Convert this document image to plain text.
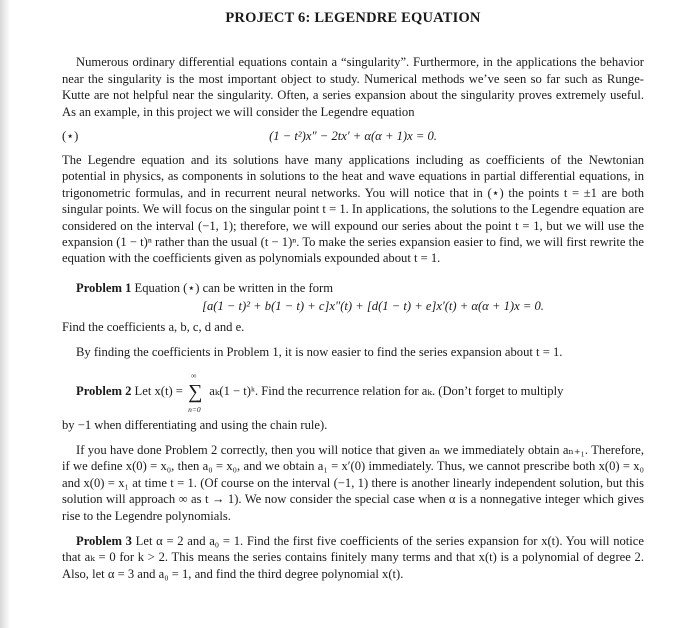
PROJECT 6: LEGENDRE EQUATION

Numerous ordinary differential equations contain a “singularity”. Furthermore, in the applications the behavior near the singularity is the most important object to study. Numerical methods we’ve seen so far such as Runge-Kutte are not helpful near the singularity. Often, a series expansion about the singularity proves extremely useful. As an example, in this project we will consider the Legendre equation

(⋆)	(1 − t²)x″ − 2tx′ + α(α + 1)x = 0.

The Legendre equation and its solutions have many applications including as coefficients of the Newtonian potential in physics, as components in solutions to the heat and wave equations in partial differential equations, in trigonometric formulas, and in recurrent neural networks. You will notice that in (⋆) the points t = ±1 are both singular points. We will focus on the singular point t = 1. In applications, the solutions to the Legendre equation are considered on the interval (−1, 1); therefore, we will expound our series about the point t = 1, but we will use the expansion (1 − t)ⁿ rather than the usual (t − 1)ⁿ. To make the series expansion easier to find, we will first rewrite the equation with the coefficients given as polynomials expounded about t = 1.

Problem 1 Equation (⋆) can be written in the form

[a(1 − t)² + b(1 − t) + c]x″(t) + [d(1 − t) + e]x′(t) + α(α + 1)x = 0.

Find the coefficients a, b, c, d and e.

By finding the coefficients in Problem 1, it is now easier to find the series expansion about t = 1.

Problem 2 Let x(t) = ∑
∞
n=0
aₖ(1 − t)ᵏ. Find the recurrence relation for aₖ. (Don’t forget to multiply

by −1 when differentiating and using the chain rule).

If you have done Problem 2 correctly, then you will notice that given aₙ we immediately obtain aₙ₊₁. Therefore, if we define x(0) = x₀, then a₀ = x₀, and we obtain a₁ = x′(0) immediately. Thus, we cannot prescribe both x(0) = x₀ and x(0) = x₁ at time t = 1. (Of course on the interval (−1, 1) there is another linearly independent solution, but this solution will approach ∞ as t → 1). We now consider the special case when α is a nonnegative integer which gives rise to the Legendre polynomials.

Problem 3 Let α = 2 and a₀ = 1. Find the first five coefficients of the series expansion for x(t). You will notice that aₖ = 0 for k > 2. This means the series contains finitely many terms and that x(t) is a polynomial of degree 2. Also, let α = 3 and a₀ = 1, and find the third degree polynomial x(t).
